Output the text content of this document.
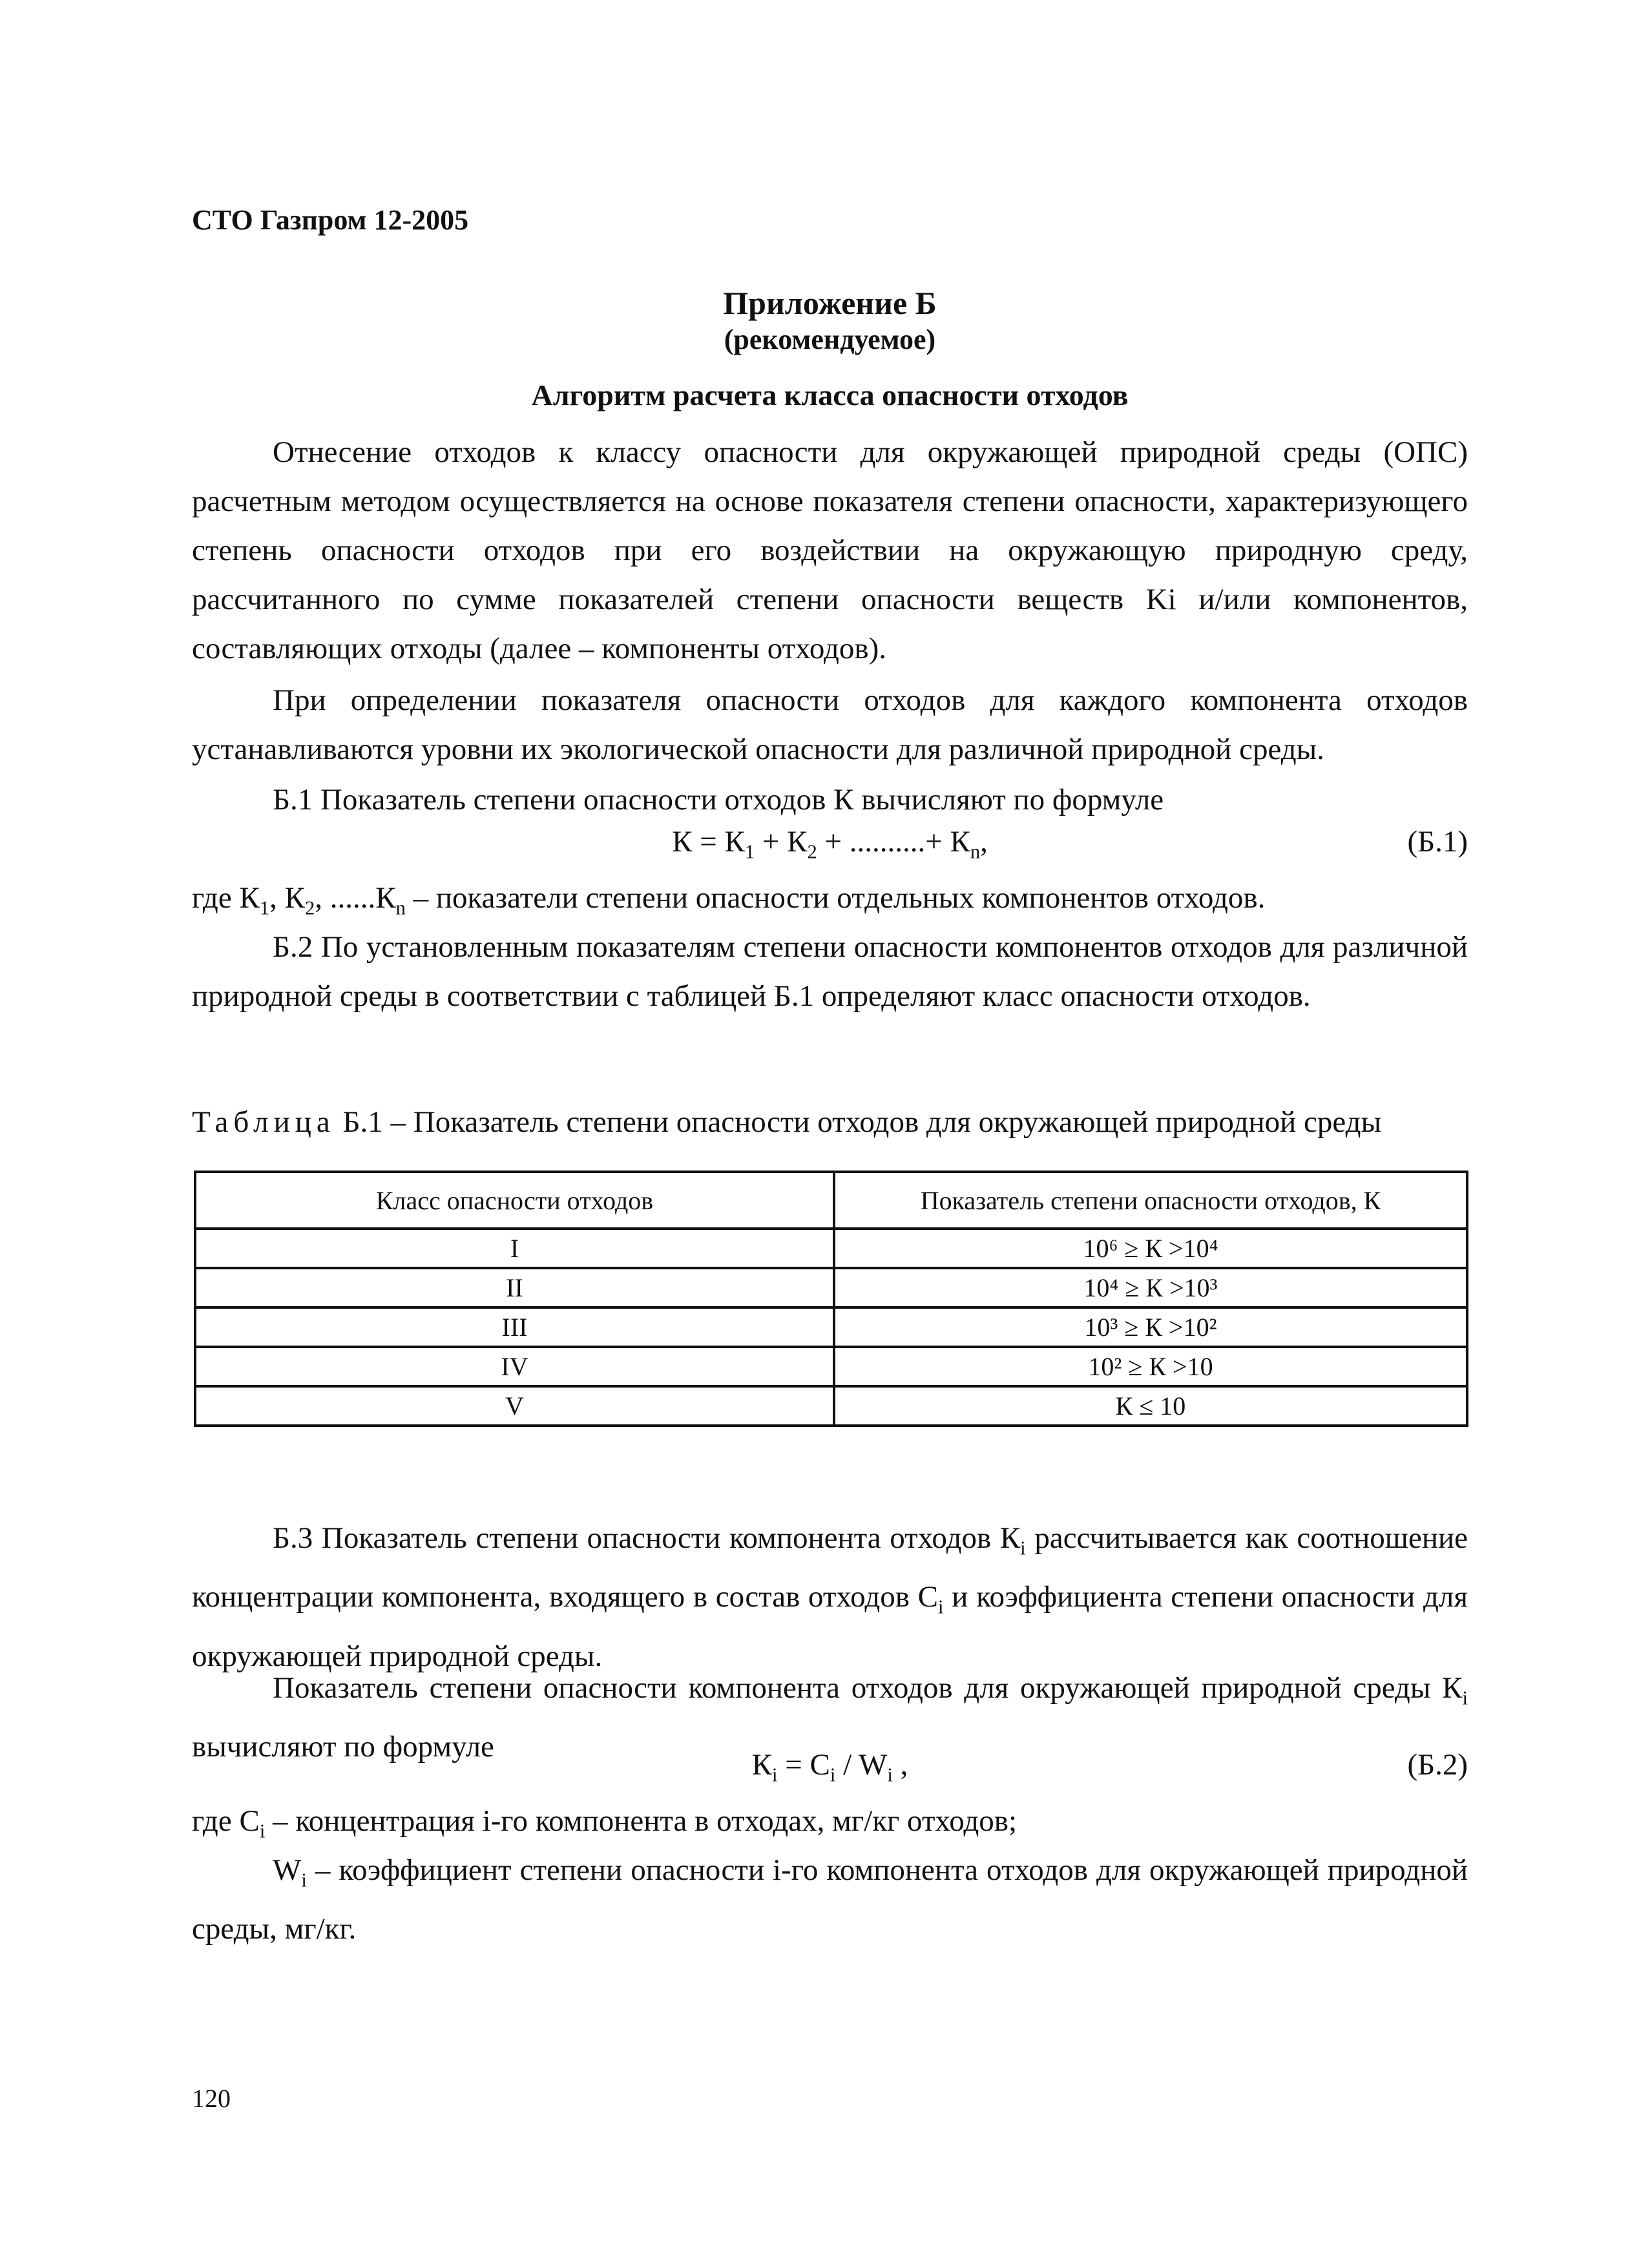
СТО Газпром 12-2005
Приложение Б
(рекомендуемое)
Алгоритм расчета класса опасности отходов
Отнесение отходов к классу опасности для окружающей природной среды (ОПС) расчетным методом осуществляется на основе показателя степени опасности, характеризующего степень опасности отходов при его воздействии на окружающую природную среду, рассчитанного по сумме показателей степени опасности веществ Ki и/или компонентов, составляющих отходы (далее – компоненты отходов).
При определении показателя опасности отходов для каждого компонента отходов устанавливаются уровни их экологической опасности для различной природной среды.
Б.1 Показатель степени опасности отходов К вычисляют по формуле
$К = К_1 + К_2$ + ..........+ $К_n$,	(Б.1)
где $К_1$, $К_2$, $......К_n$ – показатели степени опасности отдельных компонентов отходов.
Б.2 По установленным показателям степени опасности компонентов отходов для различной природной среды в соответствии с таблицей Б.1 определяют класс опасности отходов.
Таблица Б.1 – Показатель степени опасности отходов для окружающей природной среды
Класс опасности отходов	Показатель степени опасности отходов, К
I	10⁶ ≥ К >10⁴
II	10⁴ ≥ К >10³
III	10³ ≥ К >10²
IV	10² ≥ К >10
V	К ≤ 10
Б.3 Показатель степени опасности компонента отходов $К_i$ рассчитывается как соотношение концентрации компонента, входящего в состав отходов $C_i$ и коэффициента степени опасности для окружающей природной среды.
Показатель степени опасности компонента отходов для окружающей природной среды $К_i$ вычисляют по формуле
$К_i = C_i / W_i$ ,	(Б.2)
где $C_i$ – концентрация i-го компонента в отходах, мг/кг отходов;
$W_i$ – коэффициент степени опасности i-го компонента отходов для окружающей природной среды, мг/кг.
120
